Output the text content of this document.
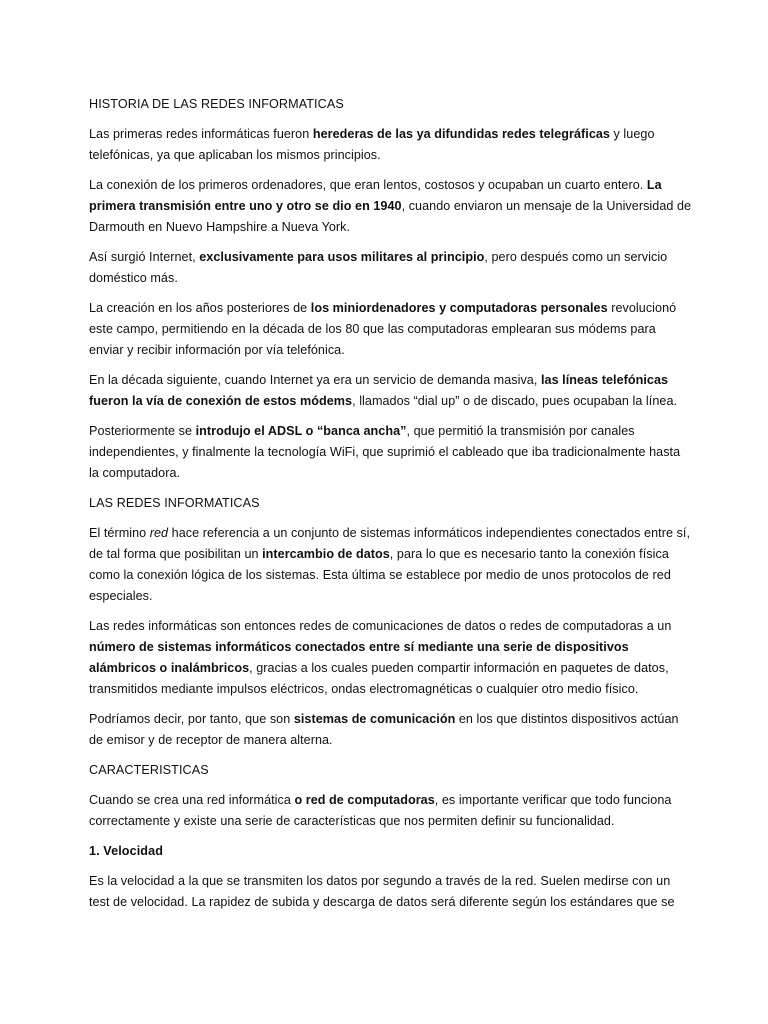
HISTORIA DE LAS REDES INFORMATICAS

Las primeras redes informáticas fueron herederas de las ya difundidas redes telegráficas y luego telefónicas, ya que aplicaban los mismos principios.

La conexión de los primeros ordenadores, que eran lentos, costosos y ocupaban un cuarto entero. La primera transmisión entre uno y otro se dio en 1940, cuando enviaron un mensaje de la Universidad de Darmouth en Nuevo Hampshire a Nueva York.

Así surgió Internet, exclusivamente para usos militares al principio, pero después como un servicio doméstico más.

La creación en los años posteriores de los miniordenadores y computadoras personales revolucionó este campo, permitiendo en la década de los 80 que las computadoras emplearan sus módems para enviar y recibir información por vía telefónica.

En la década siguiente, cuando Internet ya era un servicio de demanda masiva, las líneas telefónicas fueron la vía de conexión de estos módems, llamados “dial up” o de discado, pues ocupaban la línea.

Posteriormente se introdujo el ADSL o “banca ancha”, que permitió la transmisión por canales independientes, y finalmente la tecnología WiFi, que suprimió el cableado que iba tradicionalmente hasta la computadora.

LAS REDES INFORMATICAS

El término red hace referencia a un conjunto de sistemas informáticos independientes conectados entre sí, de tal forma que posibilitan un intercambio de datos, para lo que es necesario tanto la conexión física como la conexión lógica de los sistemas. Esta última se establece por medio de unos protocolos de red especiales.

Las redes informáticas son entonces redes de comunicaciones de datos o redes de computadoras a un número de sistemas informáticos conectados entre sí mediante una serie de dispositivos alámbricos o inalámbricos, gracias a los cuales pueden compartir información en paquetes de datos, transmitidos mediante impulsos eléctricos, ondas electromagnéticas o cualquier otro medio físico.

Podríamos decir, por tanto, que son sistemas de comunicación en los que distintos dispositivos actúan de emisor y de receptor de manera alterna.

CARACTERISTICAS

Cuando se crea una red informática o red de computadoras, es importante verificar que todo funciona correctamente y existe una serie de características que nos permiten definir su funcionalidad.

1. Velocidad

Es la velocidad a la que se transmiten los datos por segundo a través de la red. Suelen medirse con un test de velocidad. La rapidez de subida y descarga de datos será diferente según los estándares que se
